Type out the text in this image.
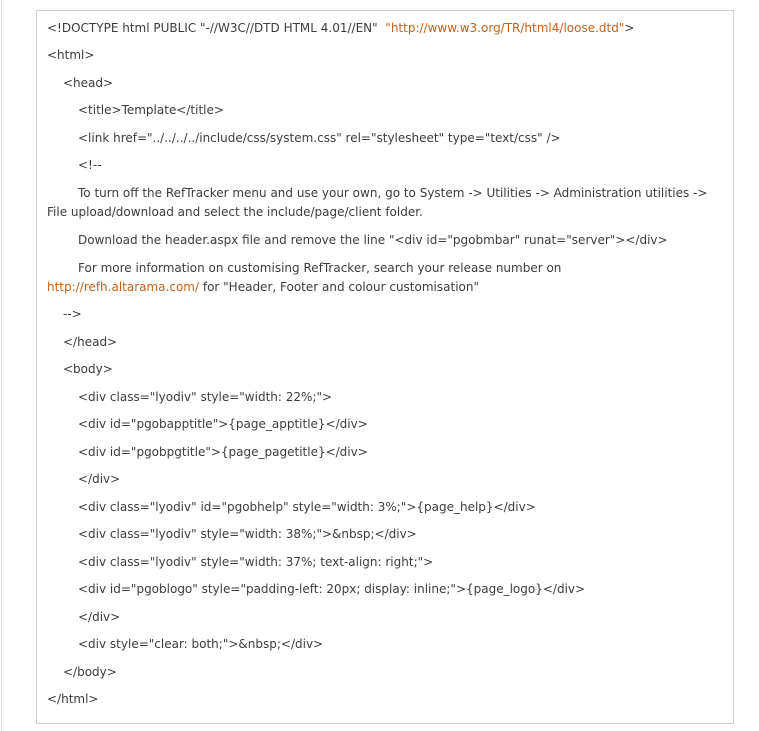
<!DOCTYPE html PUBLIC "-//W3C//DTD HTML 4.01//EN"  "http://www.w3.org/TR/html4/loose.dtd">
<html>
<head>
<title>Template</title>
<link href="../../../../include/css/system.css" rel="stylesheet" type="text/css" />
<!--
To turn off the RefTracker menu and use your own, go to System -> Utilities -> Administration utilities ->
File upload/download and select the include/page/client folder.
Download the header.aspx file and remove the line "<div id="pgobmbar" runat="server"></div>
For more information on customising RefTracker, search your release number on
http://refh.altarama.com/ for "Header, Footer and colour customisation"
-->
</head>
<body>
<div class="lyodiv" style="width: 22%;">
<div id="pgobapptitle">{page_apptitle}</div>
<div id="pgobpgtitle">{page_pagetitle}</div>
</div>
<div class="lyodiv" id="pgobhelp" style="width: 3%;">{page_help}</div>
<div class="lyodiv" style="width: 38%;">&nbsp;</div>
<div class="lyodiv" style="width: 37%; text-align: right;">
<div id="pgoblogo" style="padding-left: 20px; display: inline;">{page_logo}</div>
</div>
<div style="clear: both;">&nbsp;</div>
</body>
</html>
